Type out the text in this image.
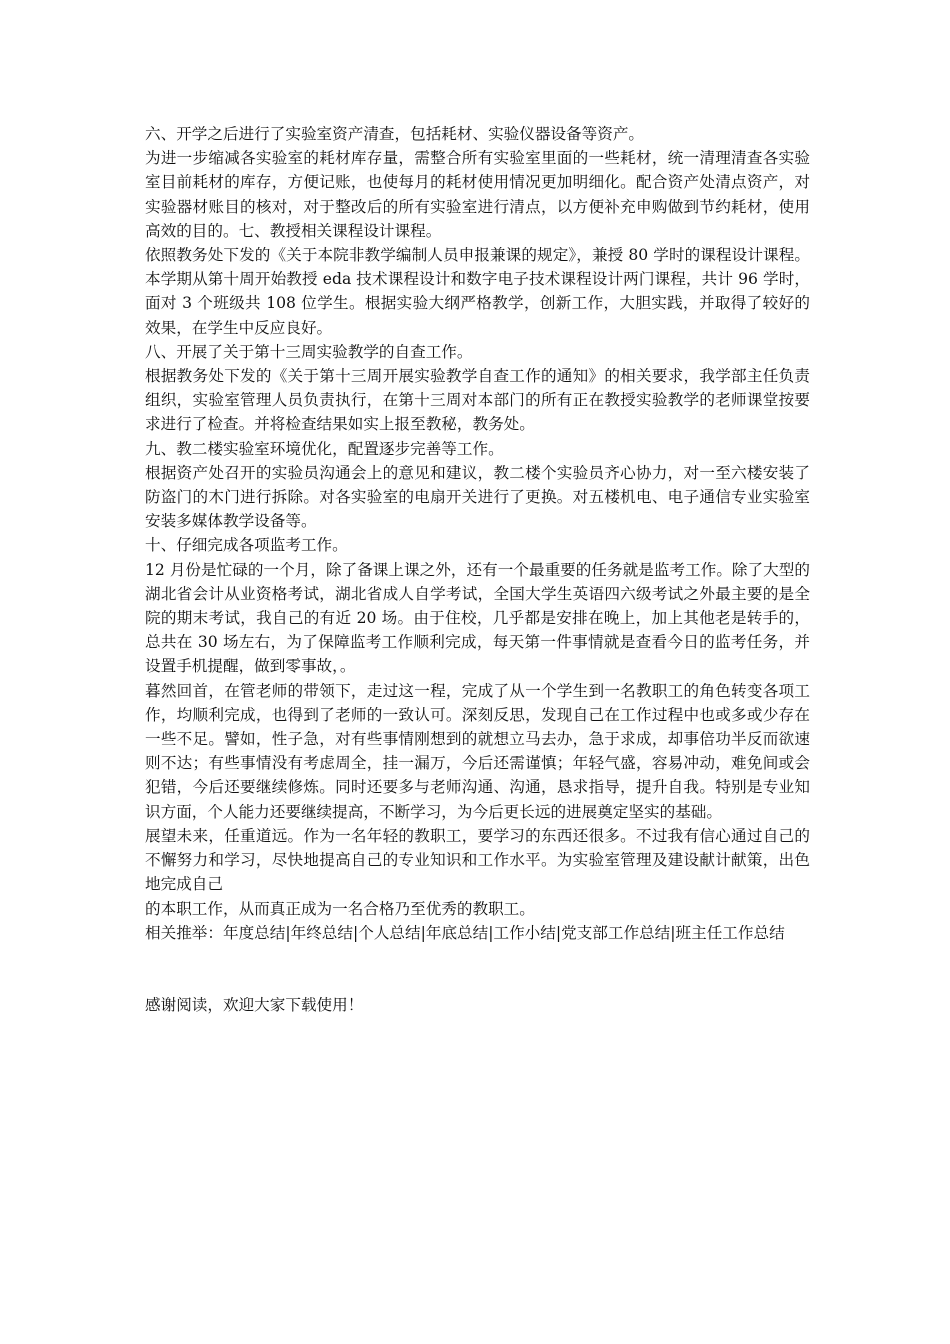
六、开学之后进行了实验室资产清查，包括耗材、实验仪器设备等资产。

为进一步缩减各实验室的耗材库存量，需整合所有实验室里面的一些耗材，统一清理清查各实验室目前耗材的库存，方便记账，也使每月的耗材使用情况更加明细化。配合资产处清点资产，对实验器材账目的核对，对于整改后的所有实验室进行清点，以方便补充申购做到节约耗材，使用高效的目的。七、教授相关课程设计课程。

依照教务处下发的《关于本院非教学编制人员申报兼课的规定》，兼授 80 学时的课程设计课程。本学期从第十周开始教授 eda 技术课程设计和数字电子技术课程设计两门课程，共计 96 学时，面对 3 个班级共 108 位学生。根据实验大纲严格教学，创新工作，大胆实践，并取得了较好的效果，在学生中反应良好。

八、开展了关于第十三周实验教学的自查工作。

根据教务处下发的《关于第十三周开展实验教学自查工作的通知》的相关要求，我学部主任负责组织，实验室管理人员负责执行，在第十三周对本部门的所有正在教授实验教学的老师课堂按要求进行了检查。并将检查结果如实上报至教秘，教务处。

九、教二楼实验室环境优化，配置逐步完善等工作。

根据资产处召开的实验员沟通会上的意见和建议，教二楼个实验员齐心协力，对一至六楼安装了防盗门的木门进行拆除。对各实验室的电扇开关进行了更换。对五楼机电、电子通信专业实验室安装多媒体教学设备等。

十、仔细完成各项监考工作。

12 月份是忙碌的一个月，除了备课上课之外，还有一个最重要的任务就是监考工作。除了大型的湖北省会计从业资格考试，湖北省成人自学考试，全国大学生英语四六级考试之外最主要的是全院的期末考试，我自己的有近 20 场。由于住校，几乎都是安排在晚上，加上其他老是转手的，总共在 30 场左右，为了保障监考工作顺利完成，每天第一件事情就是查看今日的监考任务，并设置手机提醒，做到零事故，。

暮然回首，在管老师的带领下，走过这一程，完成了从一个学生到一名教职工的角色转变各项工作，均顺利完成，也得到了老师的一致认可。深刻反思，发现自己在工作过程中也或多或少存在一些不足。譬如，性子急，对有些事情刚想到的就想立马去办，急于求成，却事倍功半反而欲速则不达；有些事情没有考虑周全，挂一漏万，今后还需谨慎；年轻气盛，容易冲动，难免间或会犯错，今后还要继续修炼。同时还要多与老师沟通、沟通，恳求指导，提升自我。特别是专业知识方面，个人能力还要继续提高，不断学习，为今后更长远的进展奠定坚实的基础。

展望未来，任重道远。作为一名年轻的教职工，要学习的东西还很多。不过我有信心通过自己的不懈努力和学习，尽快地提高自己的专业知识和工作水平。为实验室管理及建设献计献策，出色地完成自己

的本职工作，从而真正成为一名合格乃至优秀的教职工。

相关推举：年度总结|年终总结|个人总结|年底总结|工作小结|党支部工作总结|班主任工作总结

感谢阅读，欢迎大家下载使用！
